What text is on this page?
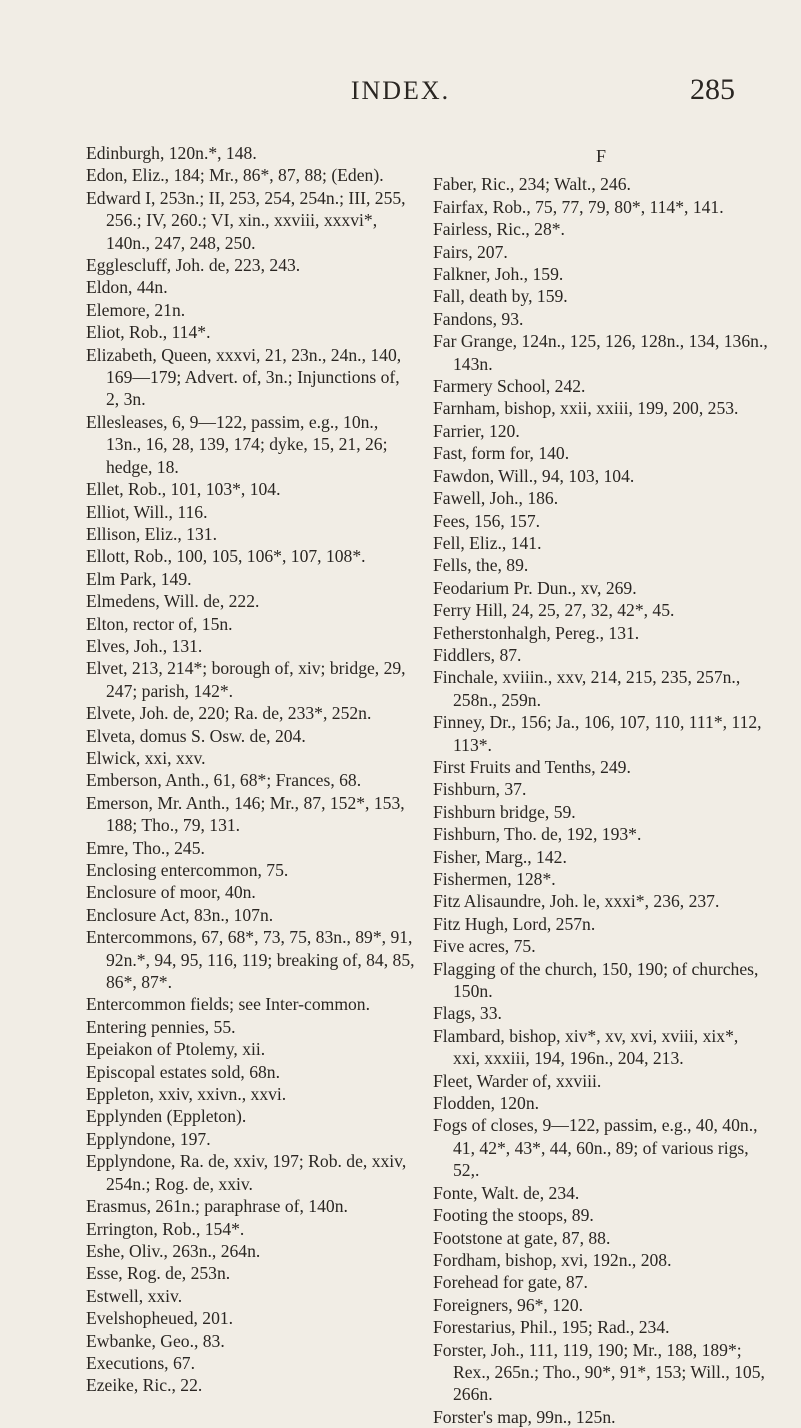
INDEX.	285

Edinburgh, 120n.*, 148.

Edon, Eliz., 184; Mr., 86*, 87, 88; (Eden).

Edward I, 253n.; II, 253, 254, 254n.; III, 255, 256.; IV, 260.; VI, xin., xxviii, xxxvi*, 140n., 247, 248, 250.

Egglescluff, Joh. de, 223, 243.

Eldon, 44n.

Elemore, 21n.

Eliot, Rob., 114*.

Elizabeth, Queen, xxxvi, 21, 23n., 24n., 140, 169—179; Advert. of, 3n.; Injunctions of, 2, 3n.

Ellesleases, 6, 9—122, passim, e.g., 10n., 13n., 16, 28, 139, 174; dyke, 15, 21, 26; hedge, 18.

Ellet, Rob., 101, 103*, 104.

Elliot, Will., 116.

Ellison, Eliz., 131.

Ellott, Rob., 100, 105, 106*, 107, 108*.

Elm Park, 149.

Elmedens, Will. de, 222.

Elton, rector of, 15n.

Elves, Joh., 131.

Elvet, 213, 214*; borough of, xiv; bridge, 29, 247; parish, 142*.

Elvete, Joh. de, 220; Ra. de, 233*, 252n.

Elveta, domus S. Osw. de, 204.

Elwick, xxi, xxv.

Emberson, Anth., 61, 68*; Frances, 68.

Emerson, Mr. Anth., 146; Mr., 87, 152*, 153, 188; Tho., 79, 131.

Emre, Tho., 245.

Enclosing entercommon, 75.

Enclosure of moor, 40n.

Enclosure Act, 83n., 107n.

Entercommons, 67, 68*, 73, 75, 83n., 89*, 91, 92n.*, 94, 95, 116, 119; breaking of, 84, 85, 86*, 87*.

Entercommon fields; see Inter-common.

Entering pennies, 55.

Epeiakon of Ptolemy, xii.

Episcopal estates sold, 68n.

Eppleton, xxiv, xxivn., xxvi.

Epplynden (Eppleton).

Epplyndone, 197.

Epplyndone, Ra. de, xxiv, 197; Rob. de, xxiv, 254n.; Rog. de, xxiv.

Erasmus, 261n.; paraphrase of, 140n.

Errington, Rob., 154*.

Eshe, Oliv., 263n., 264n.

Esse, Rog. de, 253n.

Estwell, xxiv.

Evelshopheued, 201.

Ewbanke, Geo., 83.

Executions, 67.

Ezeike, Ric., 22.

F

Faber, Ric., 234; Walt., 246.

Fairfax, Rob., 75, 77, 79, 80*, 114*, 141.

Fairless, Ric., 28*.

Fairs, 207.

Falkner, Joh., 159.

Fall, death by, 159.

Fandons, 93.

Far Grange, 124n., 125, 126, 128n., 134, 136n., 143n.

Farmery School, 242.

Farnham, bishop, xxii, xxiii, 199, 200, 253.

Farrier, 120.

Fast, form for, 140.

Fawdon, Will., 94, 103, 104.

Fawell, Joh., 186.

Fees, 156, 157.

Fell, Eliz., 141.

Fells, the, 89.

Feodarium Pr. Dun., xv, 269.

Ferry Hill, 24, 25, 27, 32, 42*, 45.

Fetherstonhalgh, Pereg., 131.

Fiddlers, 87.

Finchale, xviiin., xxv, 214, 215, 235, 257n., 258n., 259n.

Finney, Dr., 156; Ja., 106, 107, 110, 111*, 112, 113*.

First Fruits and Tenths, 249.

Fishburn, 37.

Fishburn bridge, 59.

Fishburn, Tho. de, 192, 193*.

Fisher, Marg., 142.

Fishermen, 128*.

Fitz Alisaundre, Joh. le, xxxi*, 236, 237.

Fitz Hugh, Lord, 257n.

Five acres, 75.

Flagging of the church, 150, 190; of churches, 150n.

Flags, 33.

Flambard, bishop, xiv*, xv, xvi, xviii, xix*, xxi, xxxiii, 194, 196n., 204, 213.

Fleet, Warder of, xxviii.

Flodden, 120n.

Fogs of closes, 9—122, passim, e.g., 40, 40n., 41, 42*, 43*, 44, 60n., 89; of various rigs, 52,.

Fonte, Walt. de, 234.

Footing the stoops, 89.

Footstone at gate, 87, 88.

Fordham, bishop, xvi, 192n., 208.

Forehead for gate, 87.

Foreigners, 96*, 120.

Forestarius, Phil., 195; Rad., 234.

Forster, Joh., 111, 119, 190; Mr., 188, 189*; Rex., 265n.; Tho., 90*, 91*, 153; Will., 105, 266n.

Forster's map, 99n., 125n.
